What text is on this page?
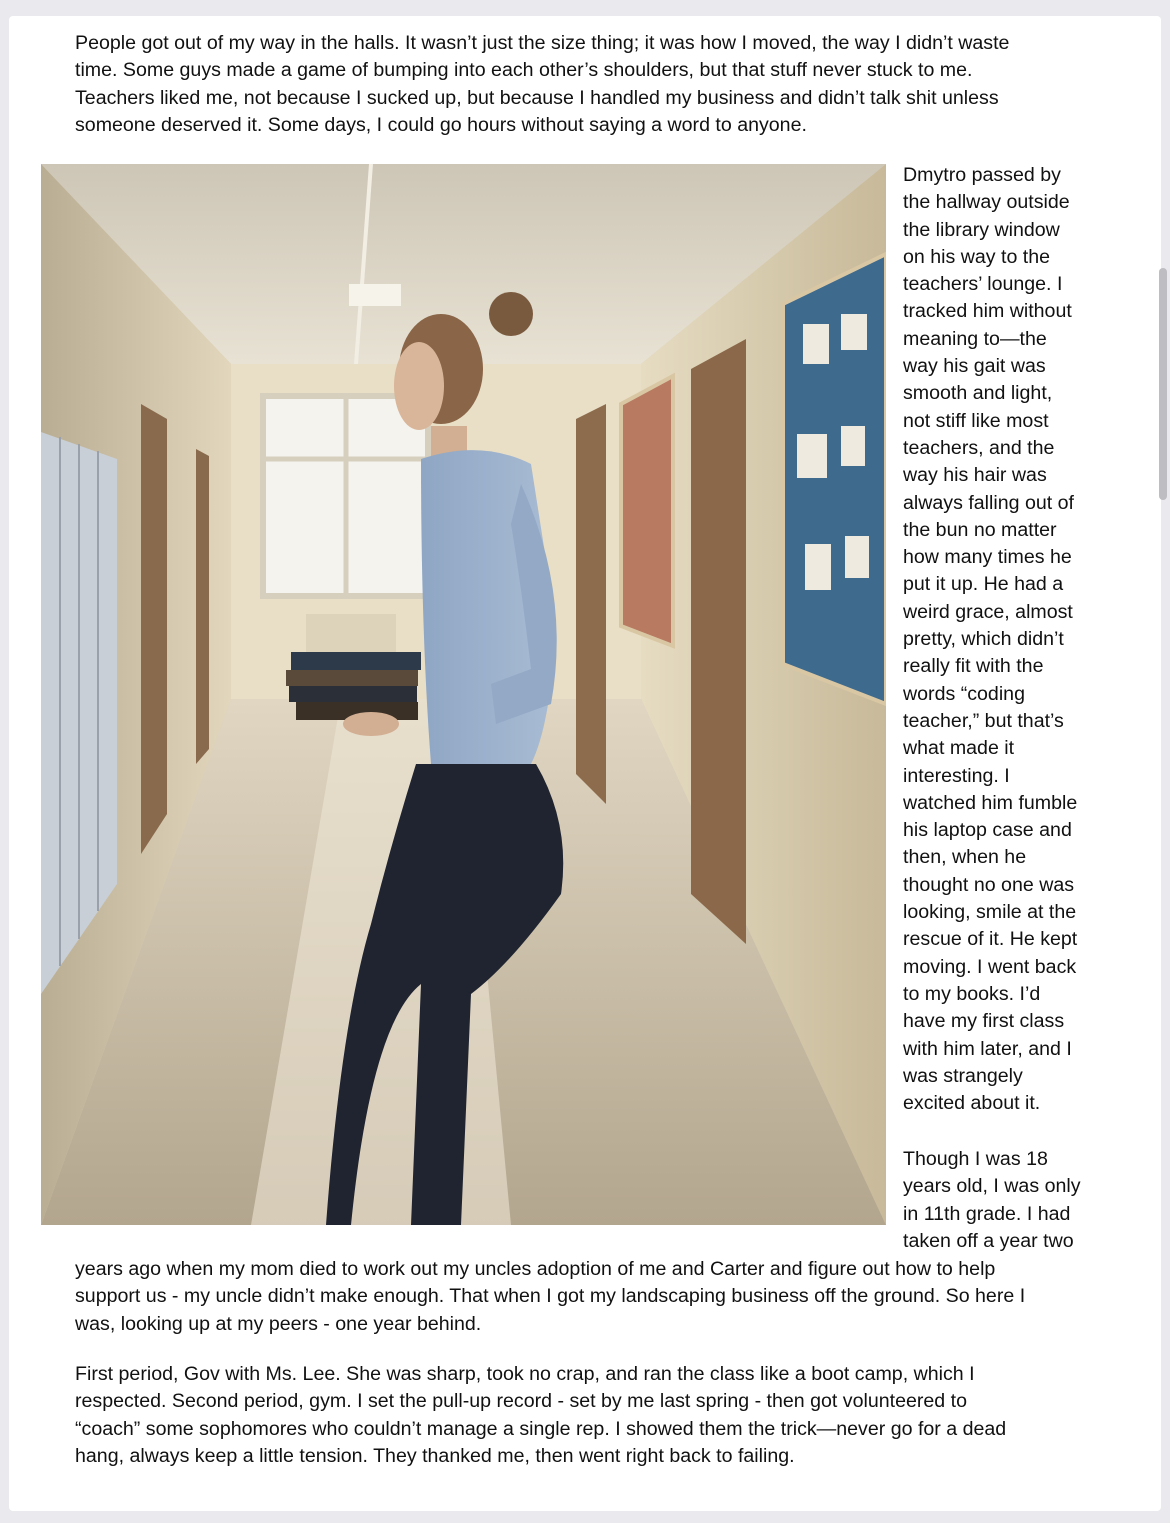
People got out of my way in the halls. It wasn’t just the size thing; it was how I moved, the way I didn’t waste
time. Some guys made a game of bumping into each other’s shoulders, but that stuff never stuck to me.
Teachers liked me, not because I sucked up, but because I handled my business and didn’t talk shit unless
someone deserved it. Some days, I could go hours without saying a word to anyone.

Dmytro passed by
the hallway outside
the library window
on his way to the
teachers’ lounge. I
tracked him without
meaning to—the
way his gait was
smooth and light,
not stiff like most
teachers, and the
way his hair was
always falling out of
the bun no matter
how many times he
put it up. He had a
weird grace, almost
pretty, which didn’t
really fit with the
words “coding
teacher,” but that’s
what made it
interesting. I
watched him fumble
his laptop case and
then, when he
thought no one was
looking, smile at the
rescue of it. He kept
moving. I went back
to my books. I’d
have my first class
with him later, and I
was strangely
excited about it.

Though I was 18
years old, I was only
in 11th grade. I had
taken off a year two

years ago when my mom died to work out my uncles adoption of me and Carter and figure out how to help
support us - my uncle didn’t make enough. That when I got my landscaping business off the ground. So here I
was, looking up at my peers - one year behind.

First period, Gov with Ms. Lee. She was sharp, took no crap, and ran the class like a boot camp, which I
respected. Second period, gym. I set the pull-up record - set by me last spring - then got volunteered to
“coach” some sophomores who couldn’t manage a single rep. I showed them the trick—never go for a dead
hang, always keep a little tension. They thanked me, then went right back to failing.
